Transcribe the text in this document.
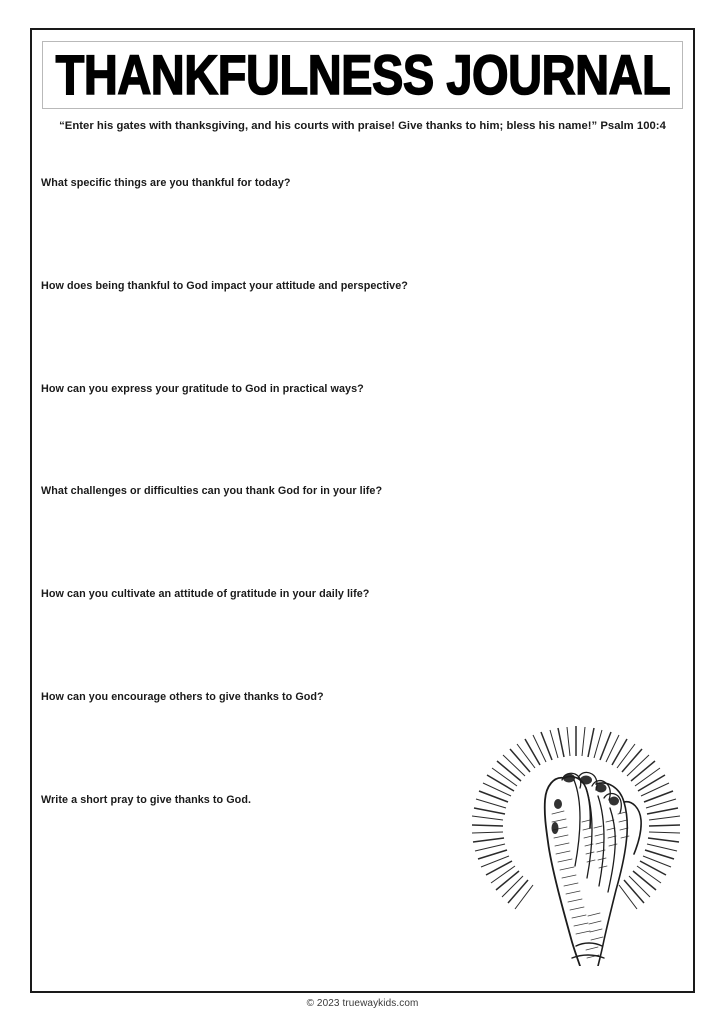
THANKFULNESS JOURNAL
“Enter his gates with thanksgiving, and his courts with praise! Give thanks to him; bless his name!” Psalm 100:4
What specific things are you thankful for today?
How does being thankful to God impact your attitude and perspective?
How can you express your gratitude to God in practical ways?
What challenges or difficulties can you thank God for in your life?
How can you cultivate an attitude of gratitude in your daily life?
How can you encourage others to give thanks to God?
Write a short pray to give thanks to God.
© 2023 truewaykids.com
